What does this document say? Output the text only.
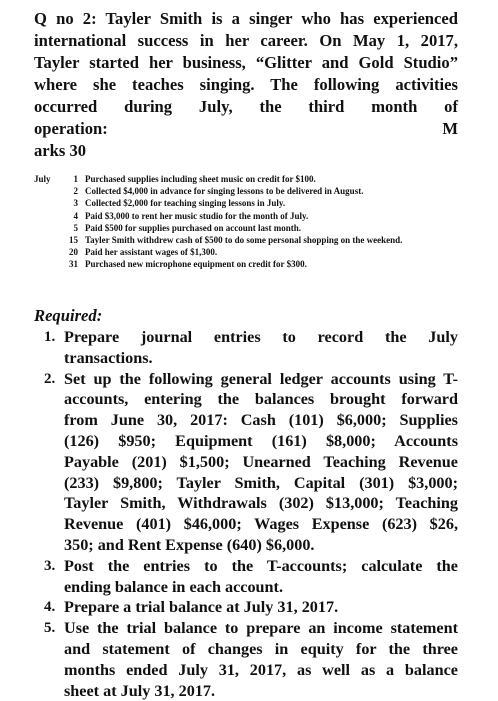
Q no 2: Tayler Smith is a singer who has experienced
international success in her career. On May 1, 2017,
Tayler started her business, “Glitter and Gold Studio”
where she teaches singing. The following activities
occurred during July, the third month of
operation: M
arks 30
July	1 Purchased supplies including sheet music on credit for $100.
2 Collected $4,000 in advance for singing lessons to be delivered in August.
3 Collected $2,000 for teaching singing lessons in July.
4 Paid $3,000 to rent her music studio for the month of July.
5 Paid $500 for supplies purchased on account last month.
15 Tayler Smith withdrew cash of $500 to do some personal shopping on the weekend.
20 Paid her assistant wages of $1,300.
31 Purchased new microphone equipment on credit for $300.
Required:
1. Prepare journal entries to record the July
transactions.
2. Set up the following general ledger accounts using T-
accounts, entering the balances brought forward
from June 30, 2017: Cash (101) $6,000; Supplies
(126) $950; Equipment (161) $8,000; Accounts
Payable (201) $1,500; Unearned Teaching Revenue
(233) $9,800; Tayler Smith, Capital (301) $3,000;
Tayler Smith, Withdrawals (302) $13,000; Teaching
Revenue (401) $46,000; Wages Expense (623) $26,
350; and Rent Expense (640) $6,000.
3. Post the entries to the T-accounts; calculate the
ending balance in each account.
4. Prepare a trial balance at July 31, 2017.
5. Use the trial balance to prepare an income statement
and statement of changes in equity for the three
months ended July 31, 2017, as well as a balance
sheet at July 31, 2017.
